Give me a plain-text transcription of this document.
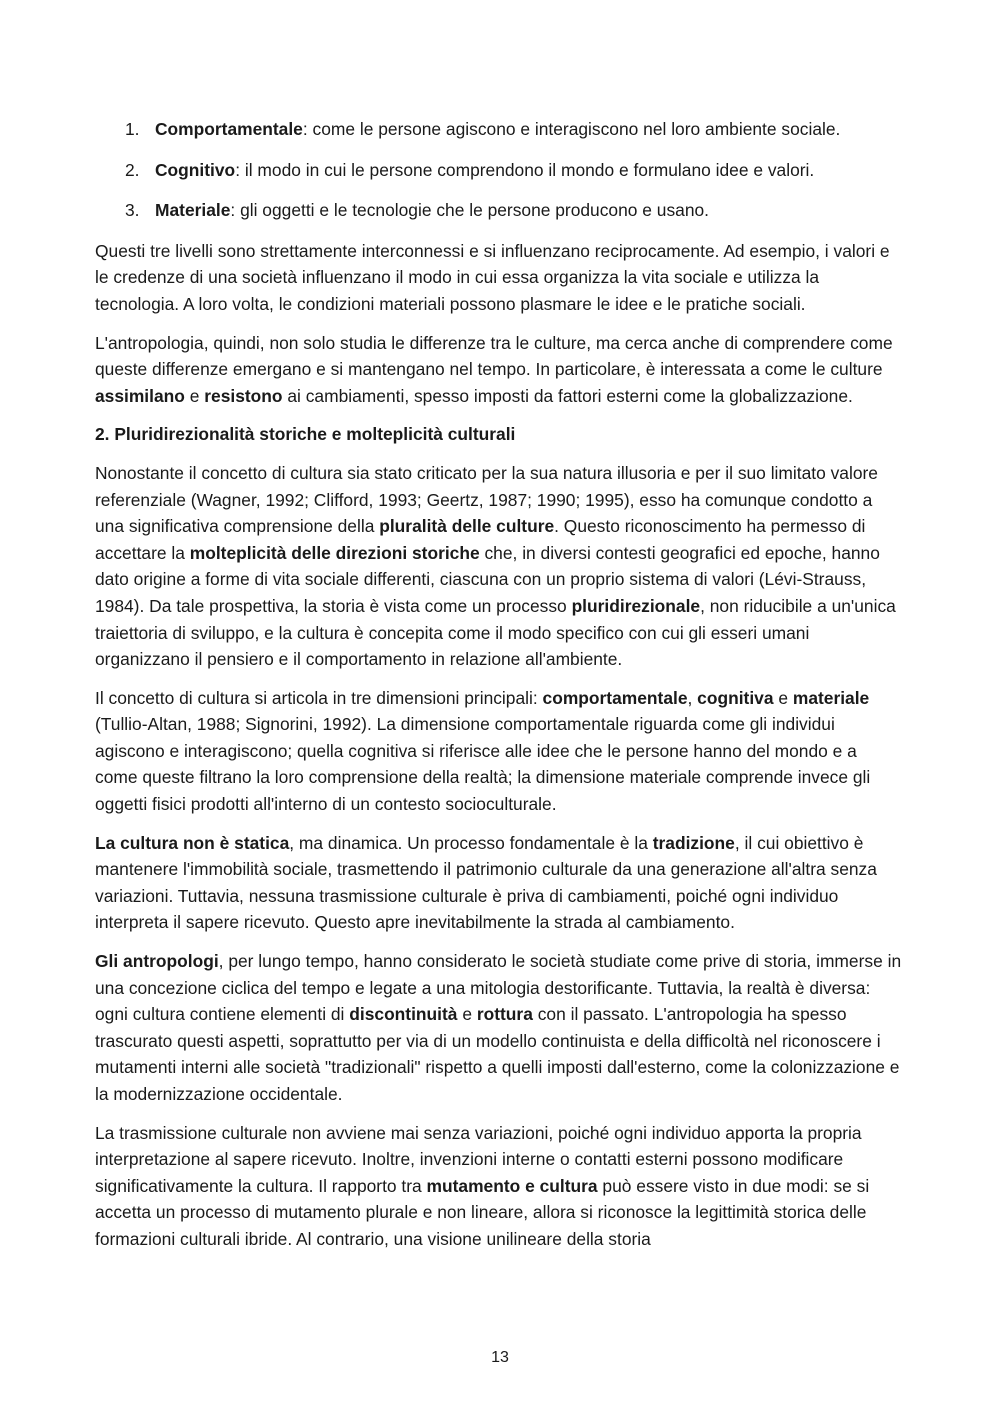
1. Comportamentale: come le persone agiscono e interagiscono nel loro ambiente sociale.
2. Cognitivo: il modo in cui le persone comprendono il mondo e formulano idee e valori.
3. Materiale: gli oggetti e le tecnologie che le persone producono e usano.

Questi tre livelli sono strettamente interconnessi e si influenzano reciprocamente. Ad esempio, i valori e le credenze di una società influenzano il modo in cui essa organizza la vita sociale e utilizza la tecnologia. A loro volta, le condizioni materiali possono plasmare le idee e le pratiche sociali.

L'antropologia, quindi, non solo studia le differenze tra le culture, ma cerca anche di comprendere come queste differenze emergano e si mantengano nel tempo. In particolare, è interessata a come le culture assimilano e resistono ai cambiamenti, spesso imposti da fattori esterni come la globalizzazione.

2. Pluridirezionalità storiche e molteplicità culturali

Nonostante il concetto di cultura sia stato criticato per la sua natura illusoria e per il suo limitato valore referenziale (Wagner, 1992; Clifford, 1993; Geertz, 1987; 1990; 1995), esso ha comunque condotto a una significativa comprensione della pluralità delle culture. Questo riconoscimento ha permesso di accettare la molteplicità delle direzioni storiche che, in diversi contesti geografici ed epoche, hanno dato origine a forme di vita sociale differenti, ciascuna con un proprio sistema di valori (Lévi-Strauss, 1984). Da tale prospettiva, la storia è vista come un processo pluridirezionale, non riducibile a un'unica traiettoria di sviluppo, e la cultura è concepita come il modo specifico con cui gli esseri umani organizzano il pensiero e il comportamento in relazione all'ambiente.

Il concetto di cultura si articola in tre dimensioni principali: comportamentale, cognitiva e materiale (Tullio-Altan, 1988; Signorini, 1992). La dimensione comportamentale riguarda come gli individui agiscono e interagiscono; quella cognitiva si riferisce alle idee che le persone hanno del mondo e a come queste filtrano la loro comprensione della realtà; la dimensione materiale comprende invece gli oggetti fisici prodotti all'interno di un contesto socioculturale.

La cultura non è statica, ma dinamica. Un processo fondamentale è la tradizione, il cui obiettivo è mantenere l'immobilità sociale, trasmettendo il patrimonio culturale da una generazione all'altra senza variazioni. Tuttavia, nessuna trasmissione culturale è priva di cambiamenti, poiché ogni individuo interpreta il sapere ricevuto. Questo apre inevitabilmente la strada al cambiamento.

Gli antropologi, per lungo tempo, hanno considerato le società studiate come prive di storia, immerse in una concezione ciclica del tempo e legate a una mitologia destorificante. Tuttavia, la realtà è diversa: ogni cultura contiene elementi di discontinuità e rottura con il passato. L'antropologia ha spesso trascurato questi aspetti, soprattutto per via di un modello continuista e della difficoltà nel riconoscere i mutamenti interni alle società "tradizionali" rispetto a quelli imposti dall'esterno, come la colonizzazione e la modernizzazione occidentale.

La trasmissione culturale non avviene mai senza variazioni, poiché ogni individuo apporta la propria interpretazione al sapere ricevuto. Inoltre, invenzioni interne o contatti esterni possono modificare significativamente la cultura. Il rapporto tra mutamento e cultura può essere visto in due modi: se si accetta un processo di mutamento plurale e non lineare, allora si riconosce la legittimità storica delle formazioni culturali ibride. Al contrario, una visione unilineare della storia

13
